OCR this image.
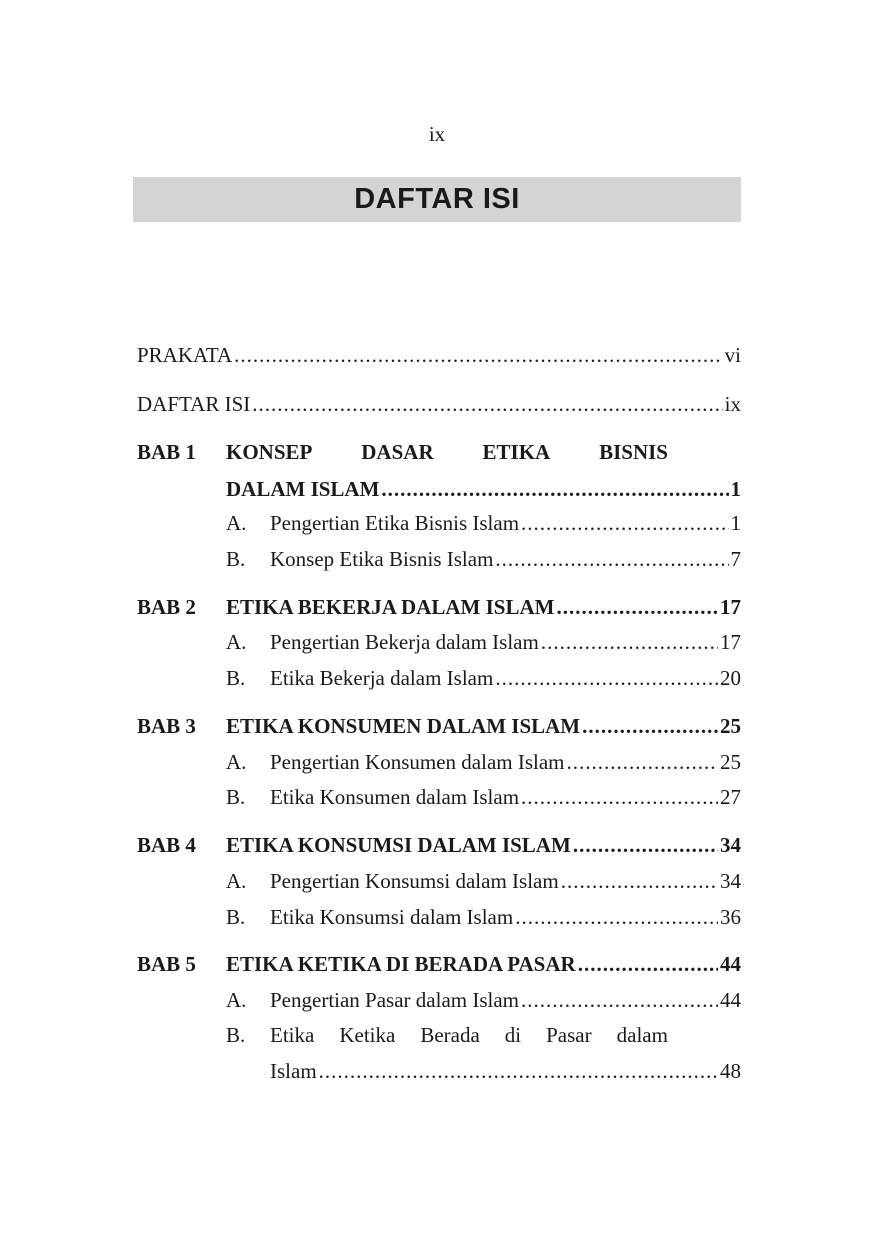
ix
DAFTAR ISI
PRAKATA .....	vi
DAFTAR ISI .....	ix
BAB 1 KONSEP DASAR ETIKA BISNIS
DALAM ISLAM .....	1
A. Pengertian Etika Bisnis Islam .....	1
B. Konsep Etika Bisnis Islam .....	7
BAB 2 ETIKA BEKERJA DALAM ISLAM .....	17
A. Pengertian Bekerja dalam Islam .....	17
B. Etika Bekerja dalam Islam .....	20
BAB 3 ETIKA KONSUMEN DALAM ISLAM .....	25
A. Pengertian Konsumen dalam Islam .....	25
B. Etika Konsumen dalam Islam .....	27
BAB 4 ETIKA KONSUMSI DALAM ISLAM .....	34
A. Pengertian Konsumsi dalam Islam .....	34
B. Etika Konsumsi dalam Islam .....	36
BAB 5 ETIKA KETIKA DI BERADA PASAR .....	44
A. Pengertian Pasar dalam Islam .....	44
B. Etika Ketika Berada di Pasar dalam
Islam .....	48
